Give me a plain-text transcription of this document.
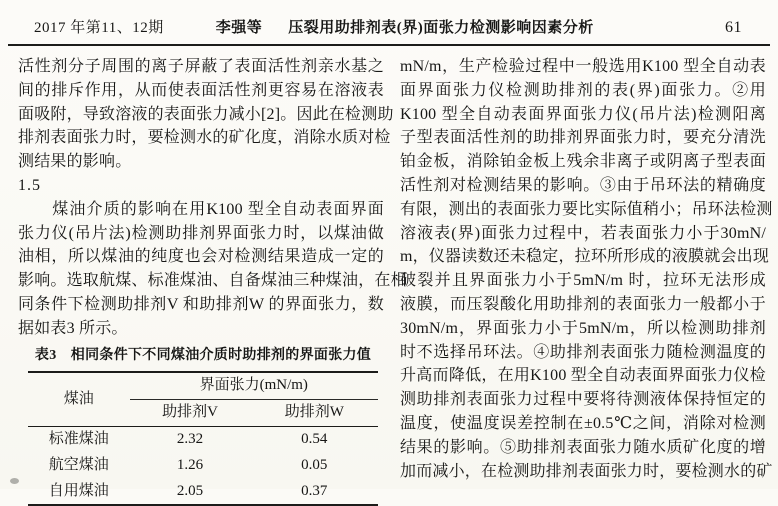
2017 年第11、12期	李强等 压裂用助排剂表(界)面张力检测影响因素分析	61
活性剂分子周围的离子屏蔽了表面活性剂亲水基之
间的排斥作用，从而使表面活性剂更容易在溶液表
面吸附，导致溶液的表面张力减小[2]。因此在检测助
排剂表面张力时，要检测水的矿化度，消除水质对检
测结果的影响。
1.5
　　煤油介质的影响在用K100 型全自动表面界面
张力仪(吊片法)检测助排剂界面张力时，以煤油做
油相，所以煤油的纯度也会对检测结果造成一定的
影响。选取航煤、标准煤油、自备煤油三种煤油，在相
同条件下检测助排剂V 和助排剂W 的界面张力，数
据如表3 所示。
表3　相同条件下不同煤油介质时助排剂的界面张力值
煤油	界面张力(mN/m)	
	助排剂V	助排剂W
标准煤油	2.32	0.54
航空煤油	1.26	0.05
自用煤油	2.05	0.37
mN/m，生产检验过程中一般选用K100 型全自动表
面界面张力仪检测助排剂的表(界)面张力。②用
K100 型全自动表面界面张力仪(吊片法)检测阳离
子型表面活性剂的助排剂界面张力时，要充分清洗
铂金板，消除铂金板上残余非离子或阴离子型表面
活性剂对检测结果的影响。③由于吊环法的精确度
有限，测出的表面张力要比实际值稍小；吊环法检测
溶液表(界)面张力过程中，若表面张力小于30mN/
m，仪器读数还未稳定，拉环所形成的液膜就会出现
破裂并且界面张力小于5mN/m 时，拉环无法形成
液膜，而压裂酸化用助排剂的表面张力一般都小于
30mN/m，界面张力小于5mN/m，所以检测助排剂
时不选择吊环法。④助排剂表面张力随检测温度的
升高而降低，在用K100 型全自动表面界面张力仪检
测助排剂表面张力过程中要将待测液体保持恒定的
温度，使温度误差控制在±0.5℃之间，消除对检测
结果的影响。⑤助排剂表面张力随水质矿化度的增
加而减小，在检测助排剂表面张力时，要检测水的矿
